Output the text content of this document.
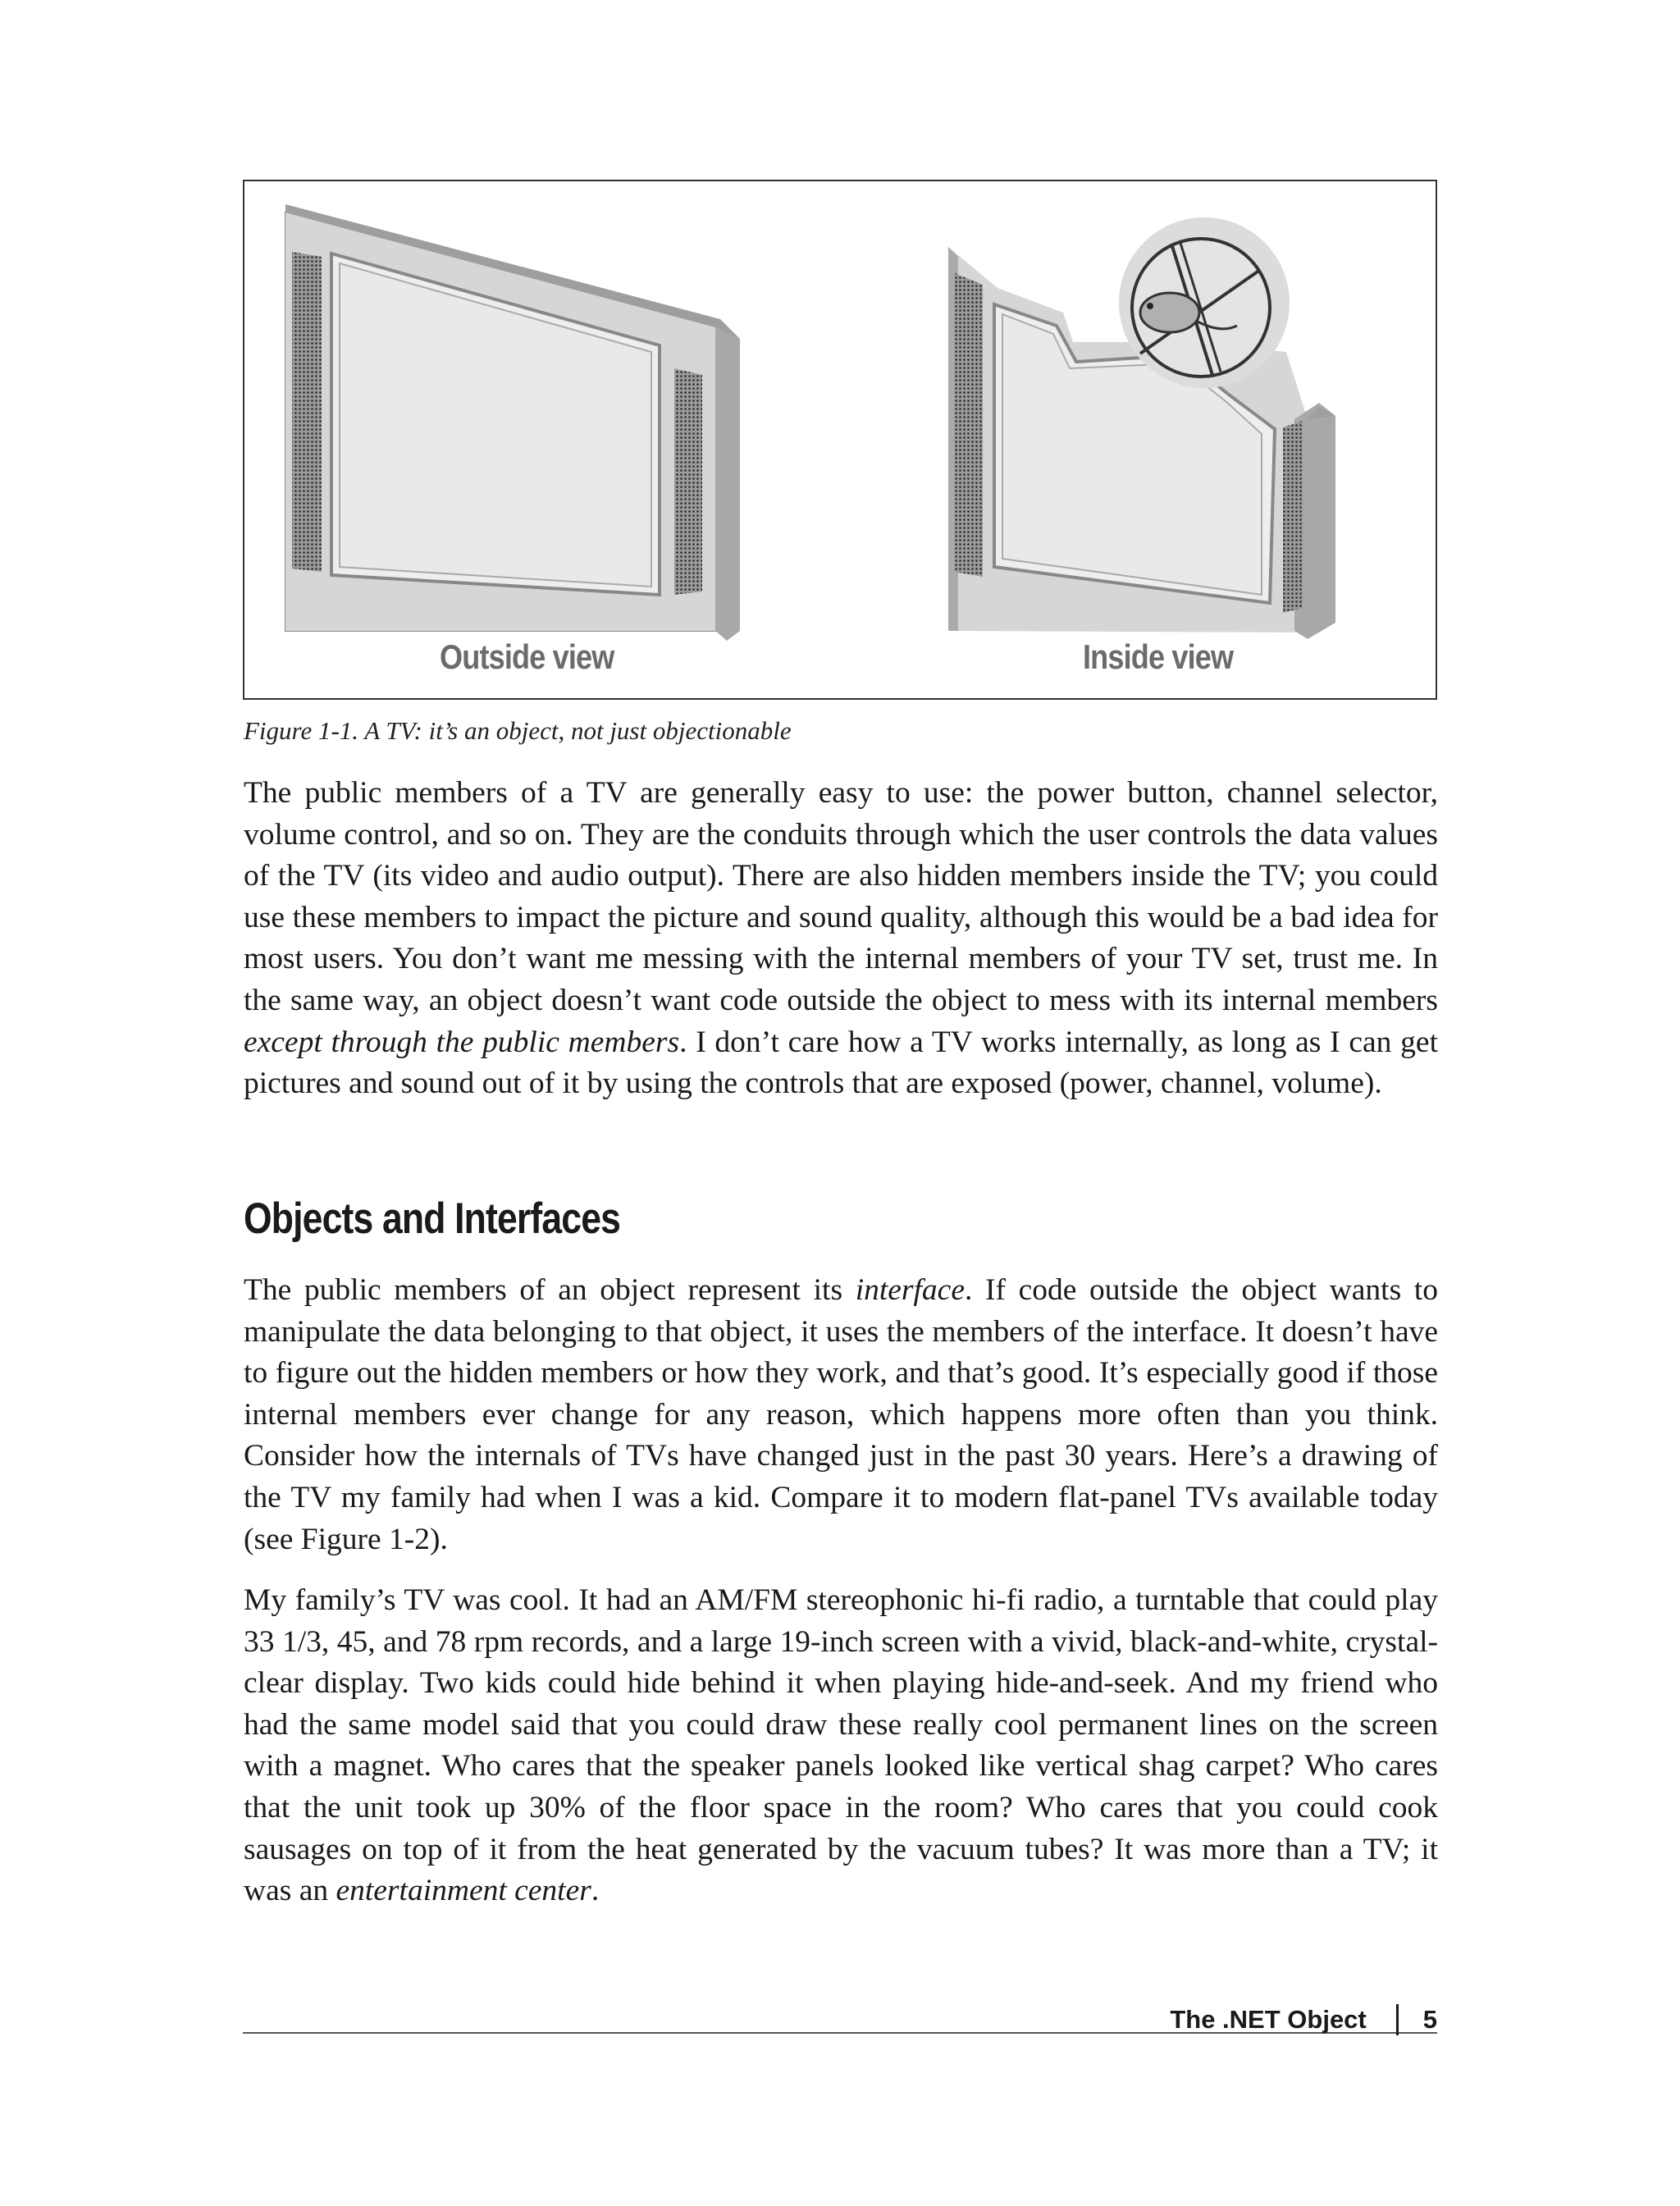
Outside view	Inside view
Figure 1-1. A TV: it’s an object, not just objectionable

The public members of a TV are generally easy to use: the power button, channel selector, volume control, and so on. They are the conduits through which the user controls the data values of the TV (its video and audio output). There are also hidden members inside the TV; you could use these members to impact the picture and sound quality, although this would be a bad idea for most users. You don’t want me messing with the internal members of your TV set, trust me. In the same way, an object doesn’t want code outside the object to mess with its internal members except through the public members. I don’t care how a TV works internally, as long as I can get pictures and sound out of it by using the controls that are exposed (power, channel, volume).

Objects and Interfaces

The public members of an object represent its interface. If code outside the object wants to manipulate the data belonging to that object, it uses the members of the interface. It doesn’t have to figure out the hidden members or how they work, and that’s good. It’s especially good if those internal members ever change for any reason, which happens more often than you think. Consider how the internals of TVs have changed just in the past 30 years. Here’s a drawing of the TV my family had when I was a kid. Compare it to modern flat-panel TVs available today (see Figure 1-2).

My family’s TV was cool. It had an AM/FM stereophonic hi-fi radio, a turntable that could play 33 1/3, 45, and 78 rpm records, and a large 19-inch screen with a vivid, black-and-white, crystal-clear display. Two kids could hide behind it when playing hide-and-seek. And my friend who had the same model said that you could draw these really cool permanent lines on the screen with a magnet. Who cares that the speaker panels looked like vertical shag carpet? Who cares that the unit took up 30% of the floor space in the room? Who cares that you could cook sausages on top of it from the heat generated by the vacuum tubes? It was more than a TV; it was an entertainment center.

The .NET Object 5
